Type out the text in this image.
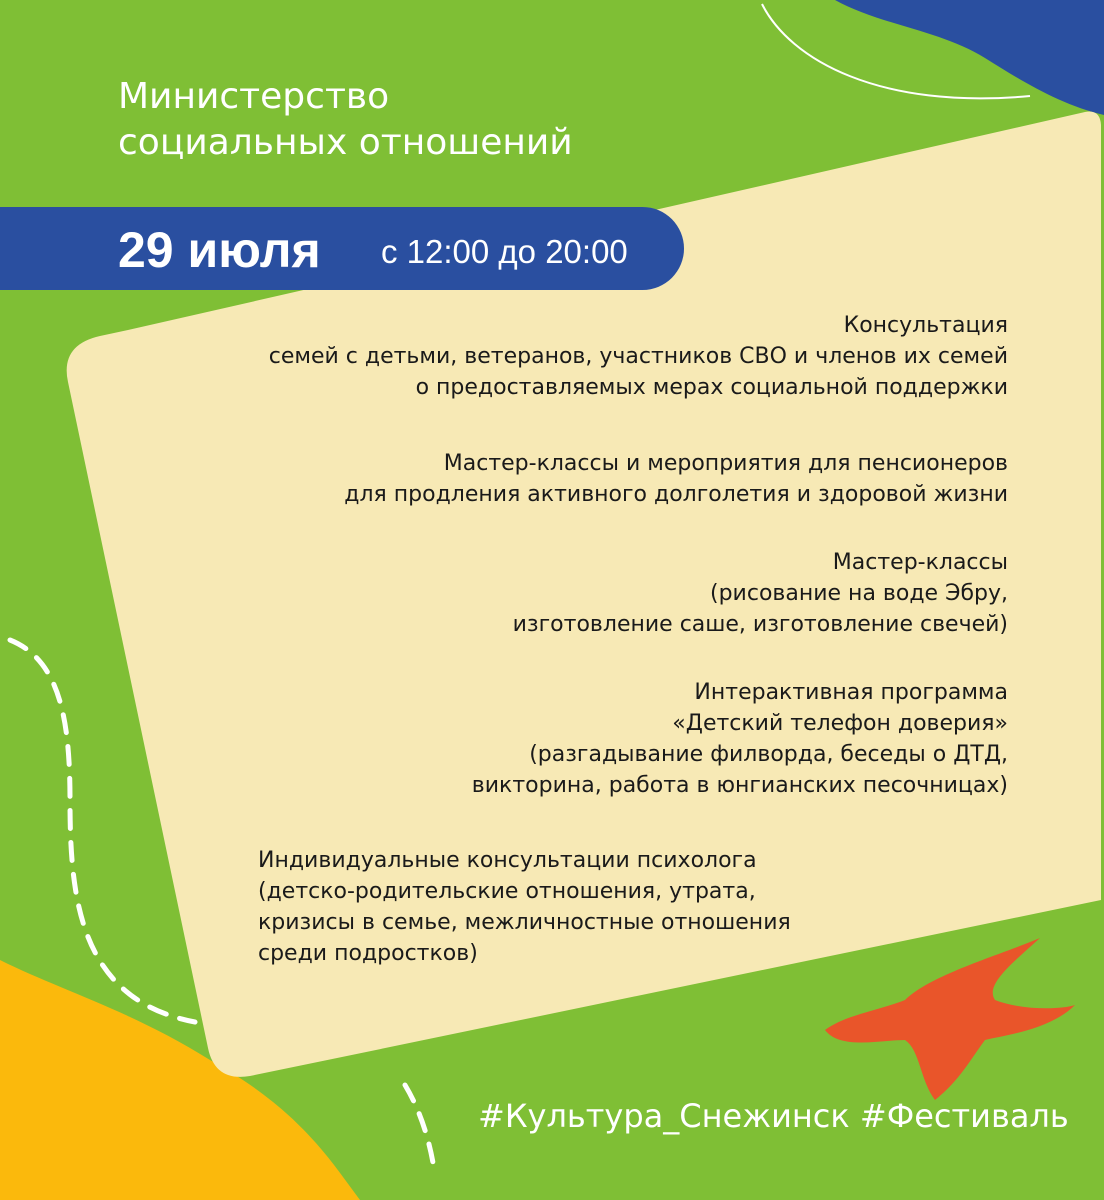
Министерство
социальных отношений
29 июля с 12:00 до 20:00
Консультация
семей с детьми, ветеранов, участников СВО и членов их семей
о предоставляемых мерах социальной поддержки
Мастер-классы и мероприятия для пенсионеров
для продления активного долголетия и здоровой жизни
Мастер-классы
(рисование на воде Эбру,
изготовление саше, изготовление свечей)
Интерактивная программа
«Детский телефон доверия»
(разгадывание филворда, беседы о ДТД,
викторина, работа в юнгианских песочницах)
Индивидуальные консультации психолога
(детско-родительские отношения, утрата,
кризисы в семье, межличностные отношения
среди подростков)
#Культура_Снежинск #Фестиваль
